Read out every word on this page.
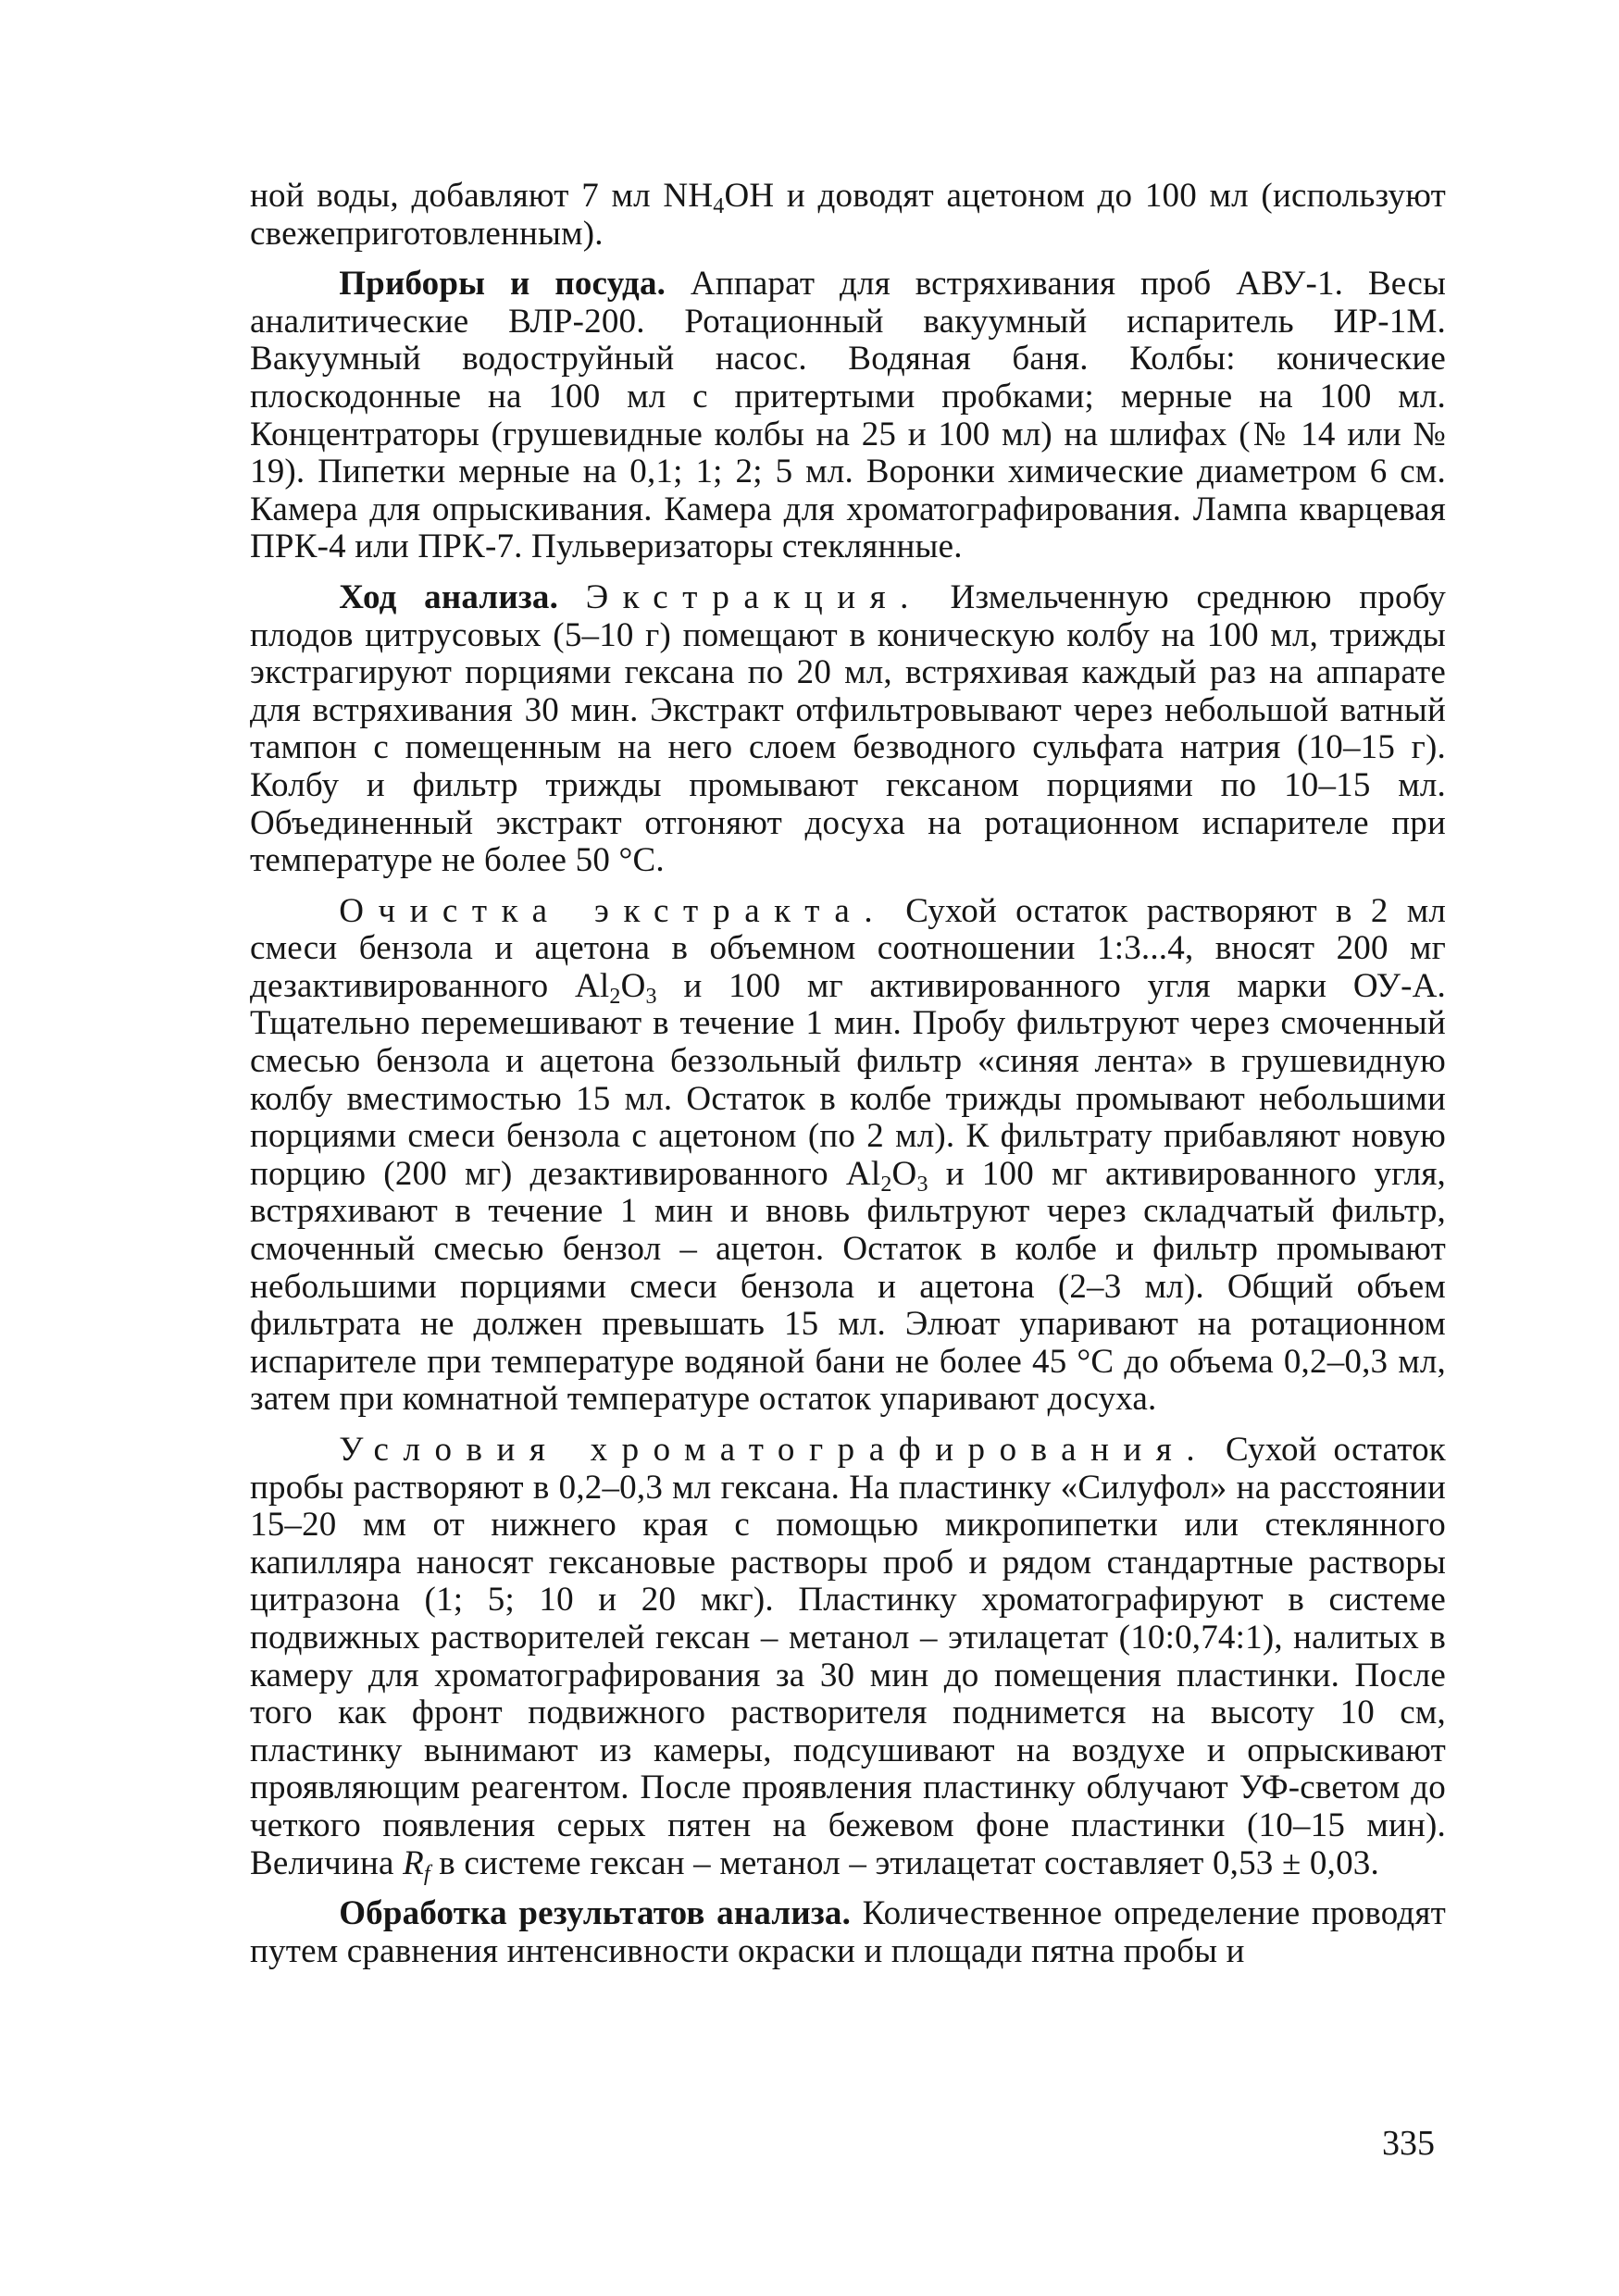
ной воды, добавляют 7 мл $NH_4OH$ и доводят ацетоном до 100 мл (используют свежеприготовленным).

Приборы и посуда. Аппарат для встряхивания проб АВУ-1. Весы аналитические ВЛР-200. Ротационный вакуумный испаритель ИР-1М. Вакуумный водоструйный насос. Водяная баня. Колбы: конические плоскодонные на 100 мл с притертыми пробками; мерные на 100 мл. Концентраторы (грушевидные колбы на 25 и 100 мл) на шлифах (№ 14 или № 19). Пипетки мерные на 0,1; 1; 2; 5 мл. Воронки химические диаметром 6 см. Камера для опрыскивания. Камера для хроматографирования. Лампа кварцевая ПРК-4 или ПРК-7. Пульверизаторы стеклянные.

Ход анализа. Экстракция. Измельченную среднюю пробу плодов цитрусовых (5–10 г) помещают в коническую колбу на 100 мл, трижды экстрагируют порциями гексана по 20 мл, встряхивая каждый раз на аппарате для встряхивания 30 мин. Экстракт отфильтровывают через небольшой ватный тампон с помещенным на него слоем безводного сульфата натрия (10–15 г). Колбу и фильтр трижды промывают гексаном порциями по 10–15 мл. Объединенный экстракт отгоняют досуха на ротационном испарителе при температуре не более 50 °С.

Очистка экстракта. Сухой остаток растворяют в 2 мл смеси бензола и ацетона в объемном соотношении 1:3...4, вносят 200 мг дезактивированного $Al_2O_3$ и 100 мг активированного угля марки ОУ-А. Тщательно перемешивают в течение 1 мин. Пробу фильтруют через смоченный смесью бензола и ацетона беззольный фильтр «синяя лента» в грушевидную колбу вместимостью 15 мл. Остаток в колбе трижды промывают небольшими порциями смеси бензола с ацетоном (по 2 мл). К фильтрату прибавляют новую порцию (200 мг) дезактивированного $Al_2O_3$ и 100 мг активированного угля, встряхивают в течение 1 мин и вновь фильтруют через складчатый фильтр, смоченный смесью бензол – ацетон. Остаток в колбе и фильтр промывают небольшими порциями смеси бензола и ацетона (2–3 мл). Общий объем фильтрата не должен превышать 15 мл. Элюат упаривают на ротационном испарителе при температуре водяной бани не более 45 °С до объема 0,2–0,3 мл, затем при комнатной температуре остаток упаривают досуха.

Условия хроматографирования. Сухой остаток пробы растворяют в 0,2–0,3 мл гексана. На пластинку «Силуфол» на расстоянии 15–20 мм от нижнего края с помощью микропипетки или стеклянного капилляра наносят гексановые растворы проб и рядом стандартные растворы цитразона (1; 5; 10 и 20 мкг). Пластинку хроматографируют в системе подвижных растворителей гексан – метанол – этилацетат (10:0,74:1), налитых в камеру для хроматографирования за 30 мин до помещения пластинки. После того как фронт подвижного растворителя поднимется на высоту 10 см, пластинку вынимают из камеры, подсушивают на воздухе и опрыскивают проявляющим реагентом. После проявления пластинку облучают УФ-светом до четкого появления серых пятен на бежевом фоне пластинки (10–15 мин). Величина $R_f$ в системе гексан – метанол – этилацетат составляет 0,53 ± 0,03.

Обработка результатов анализа. Количественное определение проводят путем сравнения интенсивности окраски и площади пятна пробы и

335
